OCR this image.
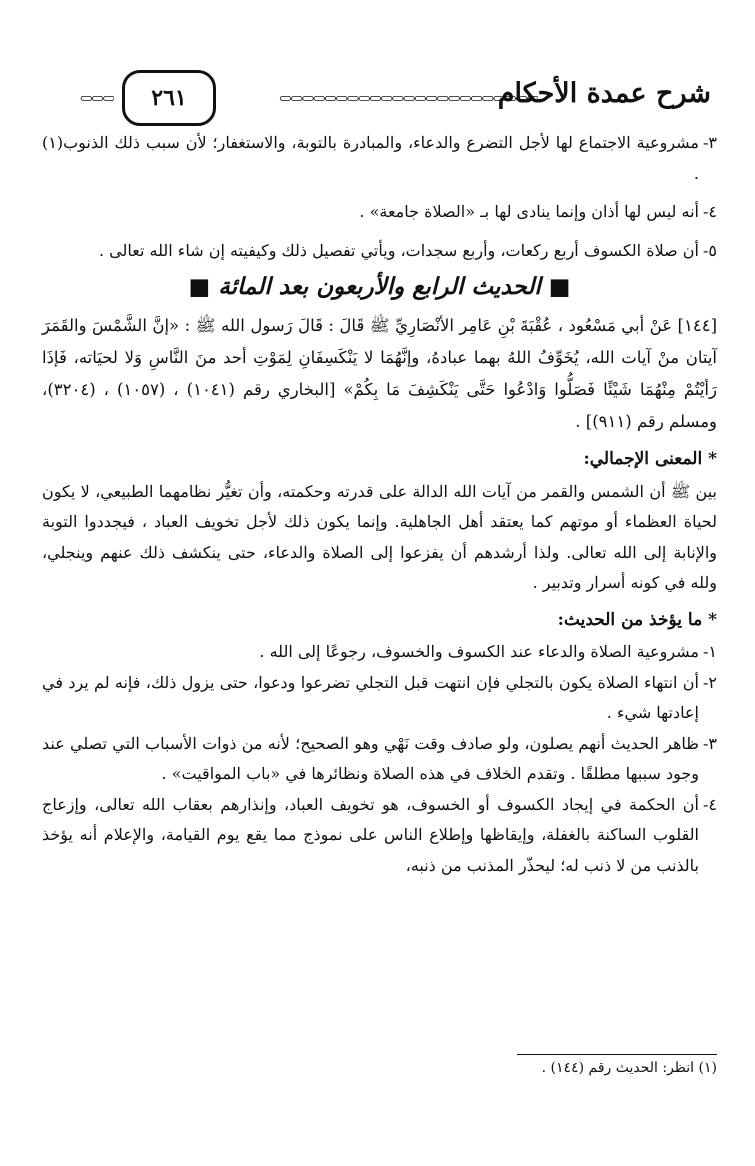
شرح عمدة الأحكام
⊂⊃⊂⊃⊂⊃⊂⊃⊂⊃⊂⊃⊂⊃⊂⊃⊂⊃⊂⊃⊂⊃⊂⊃⊂⊃⊂⊃⊂⊃⊂⊃⊂⊃⊂⊃⊂⊃⊂⊃⊂⊃⊂⊃⊂⊃
٢٦١
⊂⊃⊂⊃⊂⊃
٣-
مشروعية الاجتماع لها لأجل التضرع والدعاء، والمبادرة بالتوبة، والاستغفار؛ لأن سبب ذلك الذنوب(١) .
٤-
أنه ليس لها أذان وإنما ينادى لها بـ «الصلاة جامعة» .
٥-
أن صلاة الكسوف أربع ركعات، وأربع سجدات، ويأتي تفصيل ذلك وكيفيته إن شاء الله تعالى .
■ الحديث الرابع والأربعون بعد المائة ■
[١٤٤] عَنْ أبي مَسْعُود ، عُقْبَةَ بْنِ عَامِر الأنْصَارِيِّ ﷺ قَالَ : قَالَ رَسول الله ﷺ : «إنَّ الشَّمْسَ والقَمَرَ آيتان منْ آيات الله، يُخَوِّفُ اللهُ بهما عبادهُ، وإنَّهُمَا لا يَنْكَسِفَانِ لِمَوْتِ أحد منَ النَّاسِ وَلا لحيَاته، فَإذَا رَأيْتُمْ مِنْهُمَا شَيْئًا فَصَلُّوا وَادْعُوا حَتَّى يَنْكَشِفَ مَا بِكُمْ» [البخاري رقم (١٠٤١) ، (١٠٥٧) ، (٣٢٠٤)، ومسلم رقم (٩١١)] .
* المعنى الإجمالي:
بين ﷺ أن الشمس والقمر من آيات الله الدالة على قدرته وحكمته، وأن تغيُّر نظامهما الطبيعي، لا يكون لحياة العظماء أو موتهم كما يعتقد أهل الجاهلية. وإنما يكون ذلك لأجل تخويف العباد ، فيجددوا التوبة والإنابة إلى الله تعالى. ولذا أرشدهم أن يفزعوا إلى الصلاة والدعاء، حتى ينكشف ذلك عنهم وينجلي، ولله في كونه أسرار وتدبير .
* ما يؤخذ من الحديث:
١-
مشروعية الصلاة والدعاء عند الكسوف والخسوف، رجوعًا إلى الله .
٢-
أن انتهاء الصلاة يكون بالتجلي فإن انتهت قبل التجلي تضرعوا ودعوا، حتى يزول ذلك، فإنه لم يرد في إعادتها شيء .
٣-
ظاهر الحديث أنهم يصلون، ولو صادف وقت نَهْي وهو الصحيح؛ لأنه من ذوات الأسباب التي تصلي عند وجود سببها مطلقًا . وتقدم الخلاف في هذه الصلاة ونظائرها في «باب المواقيت» .
٤-
أن الحكمة في إيجاد الكسوف أو الخسوف، هو تخويف العباد، وإنذارهم بعقاب الله تعالى، وإزعاج القلوب الساكنة بالغفلة، وإيقاظها وإطلاع الناس على نموذج مما يقع يوم القيامة، والإعلام أنه يؤخذ بالذنب من لا ذنب له؛ ليحذّر المذنب من ذنبه،
(١) انظر: الحديث رقم (١٤٤) .
